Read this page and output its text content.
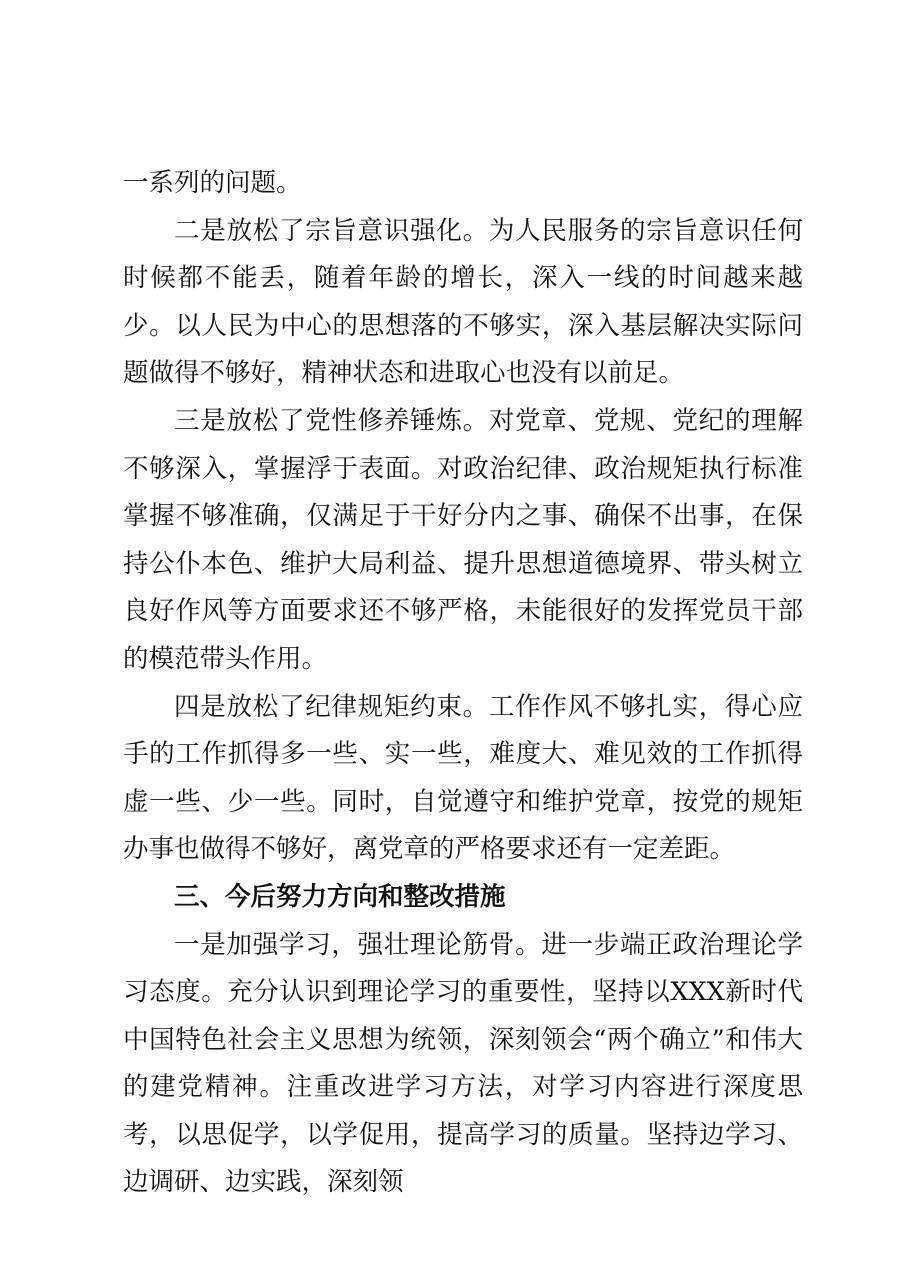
一系列的问题。

二是放松了宗旨意识强化。为人民服务的宗旨意识任何时候都不能丢，随着年龄的增长，深入一线的时间越来越少。以人民为中心的思想落的不够实，深入基层解决实际问题做得不够好，精神状态和进取心也没有以前足。

三是放松了党性修养锤炼。对党章、党规、党纪的理解不够深入，掌握浮于表面。对政治纪律、政治规矩执行标准掌握不够准确，仅满足于干好分内之事、确保不出事，在保持公仆本色、维护大局利益、提升思想道德境界、带头树立良好作风等方面要求还不够严格，未能很好的发挥党员干部的模范带头作用。

四是放松了纪律规矩约束。工作作风不够扎实，得心应手的工作抓得多一些、实一些，难度大、难见效的工作抓得虚一些、少一些。同时，自觉遵守和维护党章，按党的规矩办事也做得不够好，离党章的严格要求还有一定差距。

三、今后努力方向和整改措施

一是加强学习，强壮理论筋骨。进一步端正政治理论学习态度。充分认识到理论学习的重要性，坚持以XXX新时代中国特色社会主义思想为统领，深刻领会“两个确立”和伟大的建党精神。注重改进学习方法，对学习内容进行深度思考，以思促学，以学促用，提高学习的质量。坚持边学习、边调研、边实践，深刻领
